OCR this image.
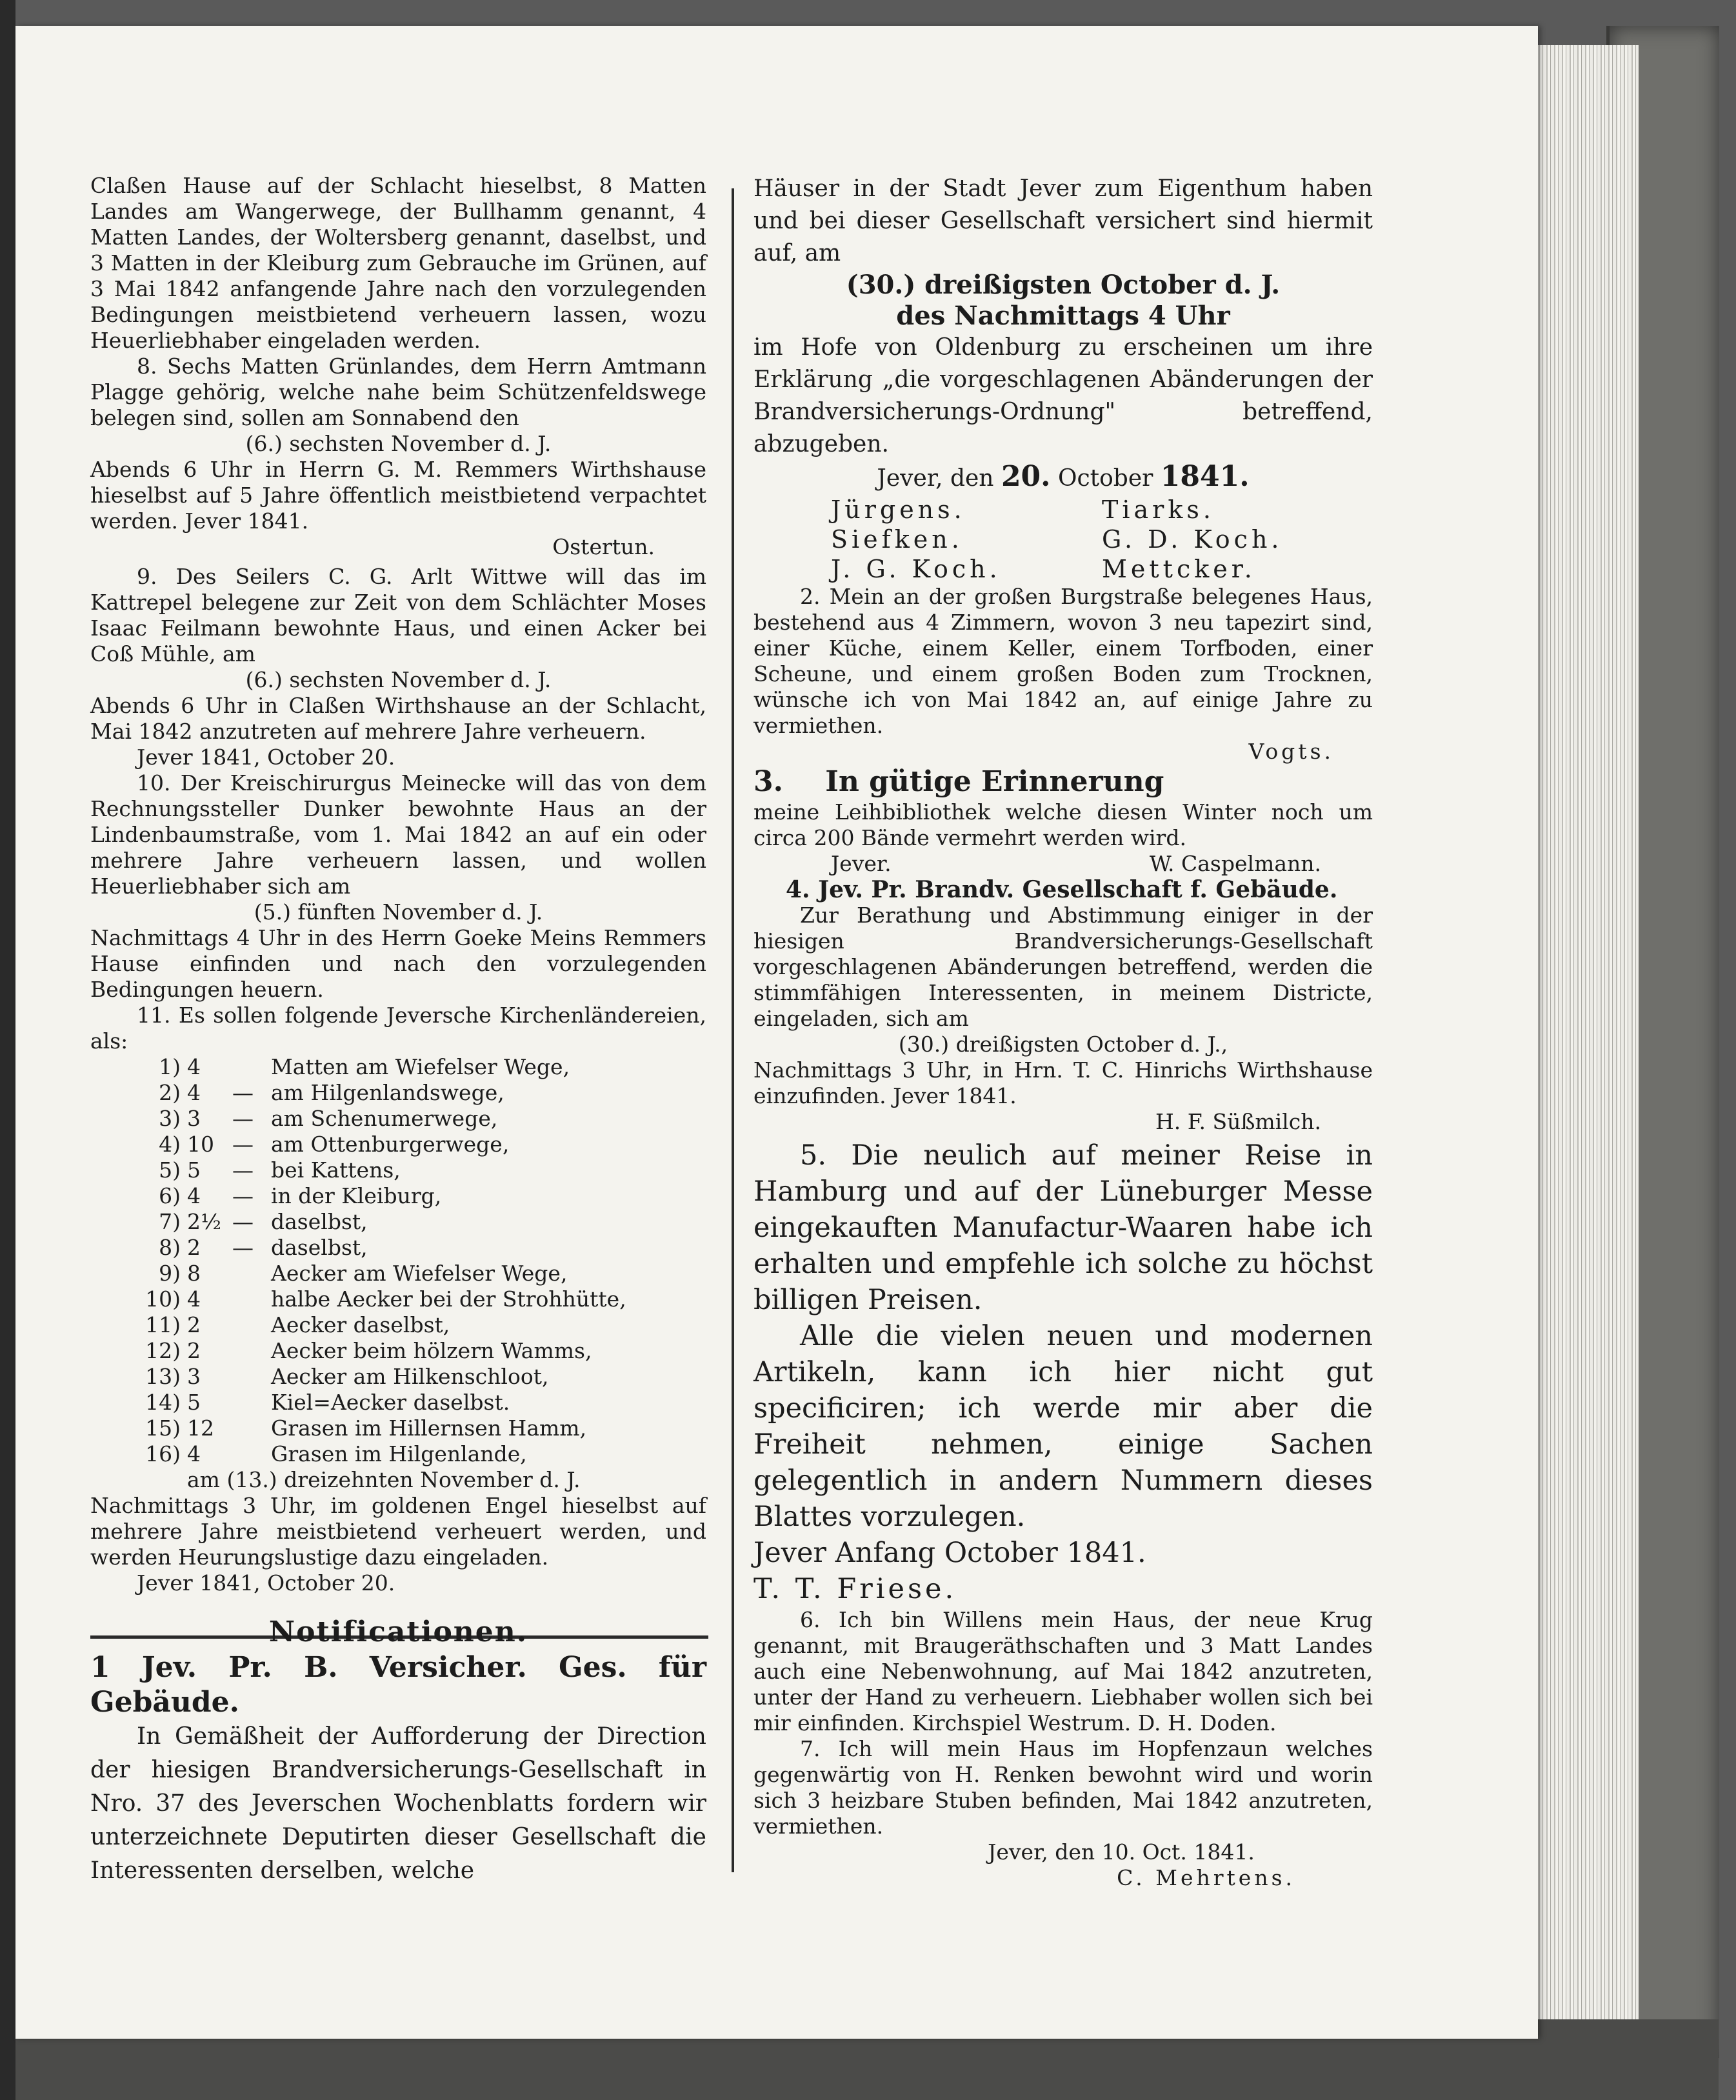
Claßen Hause auf der Schlacht hieselbst, 8 Matten Landes am Wangerwege, der Bullhamm genannt, 4 Matten Landes, der Woltersberg genannt, daselbst, und 3 Matten in der Kleiburg zum Gebrauche im Grünen, auf 3 Mai 1842 anfangende Jahre nach den vorzulegenden Bedingungen meistbietend verheuern lassen, wozu Heuerliebhaber eingeladen werden.

8. Sechs Matten Grünlandes, dem Herrn Amtmann Plagge gehörig, welche nahe beim Schützenfeldswege belegen sind, sollen am Sonnabend den

(6.) sechsten November d. J.

Abends 6 Uhr in Herrn G. M. Remmers Wirthshause hieselbst auf 5 Jahre öffentlich meistbietend verpachtet werden. Jever 1841.

Ostertun.

9. Des Seilers C. G. Arlt Wittwe will das im Kattrepel belegene zur Zeit von dem Schlächter Moses Isaac Feilmann bewohnte Haus, und einen Acker bei Coß Mühle, am

(6.) sechsten November d. J.

Abends 6 Uhr in Claßen Wirthshause an der Schlacht, Mai 1842 anzutreten auf mehrere Jahre verheuern.

Jever 1841, October 20.

10. Der Kreischirurgus Meinecke will das von dem Rechnungssteller Dunker bewohnte Haus an der Lindenbaumstraße, vom 1. Mai 1842 an auf ein oder mehrere Jahre verheuern lassen, und wollen Heuerliebhaber sich am

(5.) fünften November d. J.

Nachmittags 4 Uhr in des Herrn Goeke Meins Remmers Hause einfinden und nach den vorzulegenden Bedingungen heuern.

11. Es sollen folgende Jeversche Kirchenländereien, als:

1) 4	Matten am Wiefelser Wege,
2) 4	— am Hilgenlandswege,
3) 3	— am Schenumerwege,
4) 10 — am Ottenburgerwege,
5) 5	— bei Kattens,
6) 4	— in der Kleiburg,
7) 2½ — daselbst,
8) 2	— daselbst,
9) 8	Aecker am Wiefelser Wege,
10) 4	halbe Aecker bei der Strohhütte,
11) 2	Aecker daselbst,
12) 2	Aecker beim hölzern Wamms,
13) 3	Aecker am Hilkenschloot,
14) 5	Kiel=Aecker daselbst.
15) 12	Grasen im Hillernsen Hamm,
16) 4	Grasen im Hilgenlande,

am (13.) dreizehnten November d. J.

Nachmittags 3 Uhr, im goldenen Engel hieselbst auf mehrere Jahre meistbietend verheuert werden, und werden Heurungslustige dazu eingeladen.

Jever 1841, October 20.

Notificationen.

1 Jev. Pr. B. Versicher. Ges. für Gebäude.

In Gemäßheit der Aufforderung der Direction der hiesigen Brandversicherungs-Gesellschaft in Nro. 37 des Jeverschen Wochenblatts fordern wir unterzeichnete Deputirten dieser Gesellschaft die Interessenten derselben, welche

Häuser in der Stadt Jever zum Eigenthum haben und bei dieser Gesellschaft versichert sind hiermit auf, am

(30.) dreißigsten October d. J.

des Nachmittags 4 Uhr

im Hofe von Oldenburg zu erscheinen um ihre Erklärung „die vorgeschlagenen Abänderungen der Brandversicherungs-Ordnung" betreffend, abzugeben.

Jever, den 20. October 1841.

Jürgens.	Tiarks.
Siefken.	G. D. Koch.
J. G. Koch.	Mettcker.

2. Mein an der großen Burgstraße belegenes Haus, bestehend aus 4 Zimmern, wovon 3 neu tapezirt sind, einer Küche, einem Keller, einem Torfboden, einer Scheune, und einem großen Boden zum Trocknen, wünsche ich von Mai 1842 an, auf einige Jahre zu vermiethen.

Vogts.

3. In gütige Erinnerung

meine Leihbibliothek welche diesen Winter noch um circa 200 Bände vermehrt werden wird.

Jever.	W. Caspelmann.

4. Jev. Pr. Brandv. Gesellschaft f. Gebäude.

Zur Berathung und Abstimmung einiger in der hiesigen Brandversicherungs-Gesellschaft vorgeschlagenen Abänderungen betreffend, werden die stimmfähigen Interessenten, in meinem Districte, eingeladen, sich am

(30.) dreißigsten October d. J.,

Nachmittags 3 Uhr, in Hrn. T. C. Hinrichs Wirthshause einzufinden. Jever 1841.

H. F. Süßmilch.

5. Die neulich auf meiner Reise in Hamburg und auf der Lüneburger Messe eingekauften Manufactur-Waaren habe ich erhalten und empfehle ich solche zu höchst billigen Preisen.

Alle die vielen neuen und modernen Artikeln, kann ich hier nicht gut specificiren; ich werde mir aber die Freiheit nehmen, einige Sachen gelegentlich in andern Nummern dieses Blattes vorzulegen.

Jever Anfang October 1841.

T. T. Friese.

6. Ich bin Willens mein Haus, der neue Krug genannt, mit Braugeräthschaften und 3 Matt Landes auch eine Nebenwohnung, auf Mai 1842 anzutreten, unter der Hand zu verheuern. Liebhaber wollen sich bei mir einfinden. Kirchspiel Westrum. D. H. Doden.

7. Ich will mein Haus im Hopfenzaun welches gegenwärtig von H. Renken bewohnt wird und worin sich 3 heizbare Stuben befinden, Mai 1842 anzutreten, vermiethen.

Jever, den 10. Oct. 1841.

C. Mehrtens.
